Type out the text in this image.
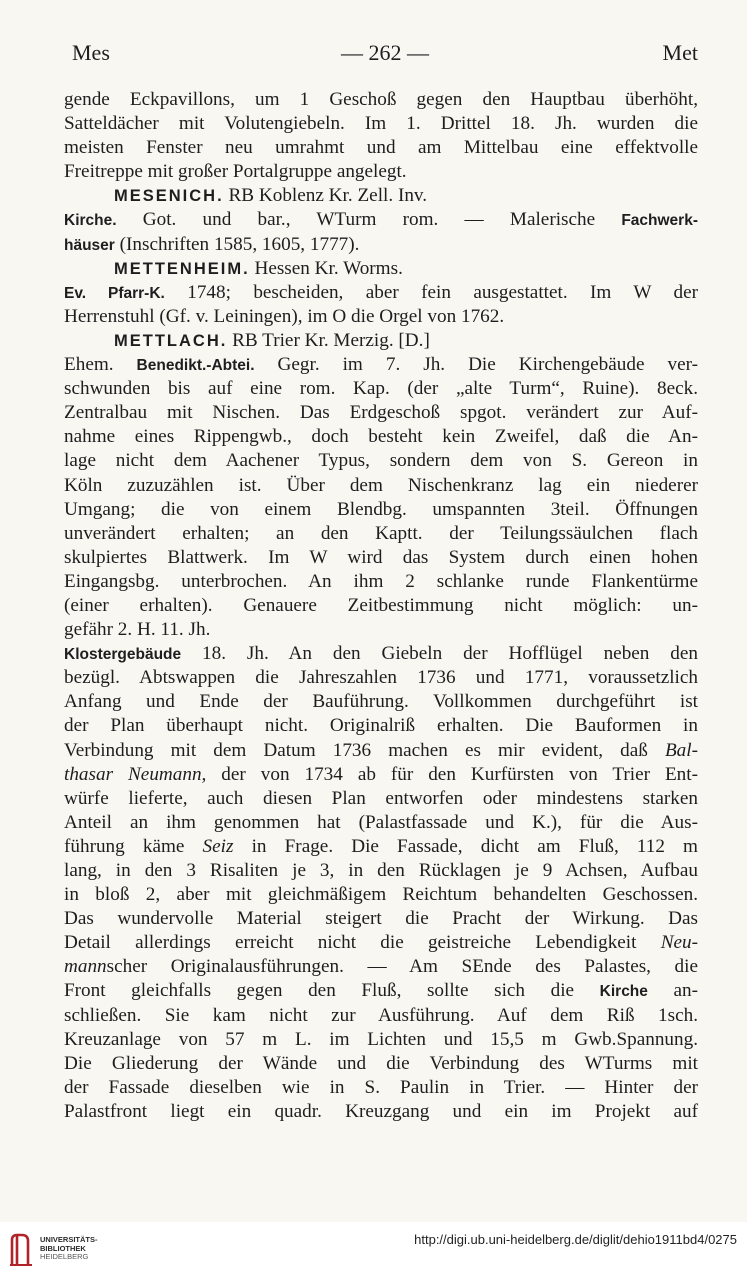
Mes	— 262 —	Met
gende Eckpavillons, um 1 Geschoß gegen den Hauptbau überhöht,
Satteldächer mit Volutengiebeln. Im 1. Drittel 18. Jh. wurden die
meisten Fenster neu umrahmt und am Mittelbau eine effektvolle
Freitreppe mit großer Portalgruppe angelegt.
MESENICH. RB Koblenz Kr. Zell. Inv.
Kirche. Got. und bar., WTurm rom. — Malerische Fachwerk-
häuser (Inschriften 1585, 1605, 1777).
METTENHEIM. Hessen Kr. Worms.
Ev. Pfarr-K. 1748; bescheiden, aber fein ausgestattet. Im W der
Herrenstuhl (Gf. v. Leiningen), im O die Orgel von 1762.
METTLACH. RB Trier Kr. Merzig. [D.]
Ehem. Benedikt.-Abtei. Gegr. im 7. Jh. Die Kirchengebäude ver-
schwunden bis auf eine rom. Kap. (der „alte Turm“, Ruine). 8eck.
Zentralbau mit Nischen. Das Erdgeschoß spgot. verändert zur Auf-
nahme eines Rippengwb., doch besteht kein Zweifel, daß die An-
lage nicht dem Aachener Typus, sondern dem von S. Gereon in
Köln zuzuzählen ist. Über dem Nischenkranz lag ein niederer
Umgang; die von einem Blendbg. umspannten 3teil. Öffnungen
unverändert erhalten; an den Kaptt. der Teilungssäulchen flach
skulpiertes Blattwerk. Im W wird das System durch einen hohen
Eingangsbg. unterbrochen. An ihm 2 schlanke runde Flankentürme
(einer erhalten). Genauere Zeitbestimmung nicht möglich: un-
gefähr 2. H. 11. Jh.
Klostergebäude 18. Jh. An den Giebeln der Hofflügel neben den
bezügl. Abtswappen die Jahreszahlen 1736 und 1771, voraussetzlich
Anfang und Ende der Bauführung. Vollkommen durchgeführt ist
der Plan überhaupt nicht. Originalriß erhalten. Die Bauformen in
Verbindung mit dem Datum 1736 machen es mir evident, daß Bal-
thasar Neumann, der von 1734 ab für den Kurfürsten von Trier Ent-
würfe lieferte, auch diesen Plan entworfen oder mindestens starken
Anteil an ihm genommen hat (Palastfassade und K.), für die Aus-
führung käme Seiz in Frage. Die Fassade, dicht am Fluß, 112 m
lang, in den 3 Risaliten je 3, in den Rücklagen je 9 Achsen, Aufbau
in bloß 2, aber mit gleichmäßigem Reichtum behandelten Geschossen.
Das wundervolle Material steigert die Pracht der Wirkung. Das
Detail allerdings erreicht nicht die geistreiche Lebendigkeit Neu-
mannscher Originalausführungen. — Am SEnde des Palastes, die
Front gleichfalls gegen den Fluß, sollte sich die Kirche an-
schließen. Sie kam nicht zur Ausführung. Auf dem Riß 1sch.
Kreuzanlage von 57 m L. im Lichten und 15,5 m Gwb.Spannung.
Die Gliederung der Wände und die Verbindung des WTurms mit
der Fassade dieselben wie in S. Paulin in Trier. — Hinter der
Palastfront liegt ein quadr. Kreuzgang und ein im Projekt auf
UNIVERSITÄTS-
BIBLIOTHEK
HEIDELBERG
http://digi.ub.uni-heidelberg.de/diglit/dehio1911bd4/0275
